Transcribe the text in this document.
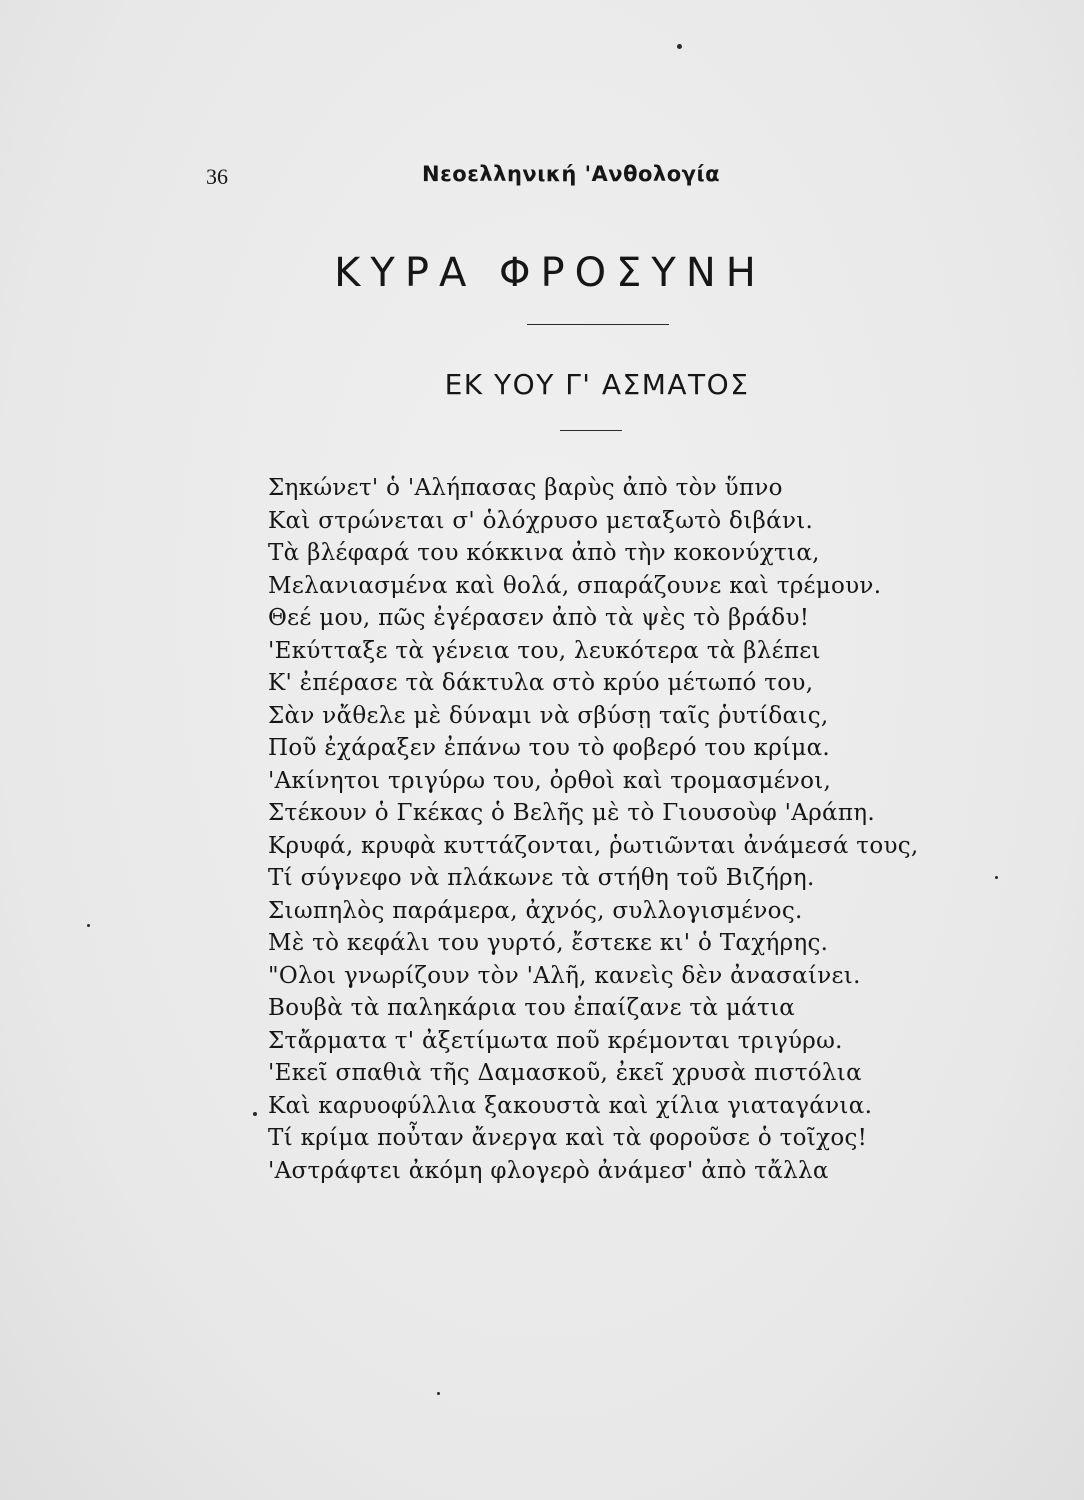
36	Νεοελληνική 'Ανθολογία
ΚΥΡΑ ΦΡΟΣΥΝΗ
ΕΚ ΥΟΥ Γ' ΑΣΜΑΤΟΣ
Σηκώνετ' ὁ 'Αλήπασας βαρὺς ἀπὸ τὸν ὕπνο
Καὶ στρώνεται σ' ὁλόχρυσο μεταξωτὸ διβάνι.
Τὰ βλέφαρά του κόκκινα ἀπὸ τὴν κοκονύχτια,
Μελανιασμένα καὶ θολά, σπαράζουνε καὶ τρέμουν.
Θεέ μου, πῶς ἐγέρασεν ἀπὸ τὰ ψὲς τὸ βράδυ!
'Εκύτταξε τὰ γένεια του, λευκότερα τὰ βλέπει
Κ' ἐπέρασε τὰ δάκτυλα στὸ κρύο μέτωπό του,
Σὰν νἄθελε μὲ δύναμι νὰ σβύσῃ ταῖς ῥυτίδαις,
Ποῦ ἐχάραξεν ἐπάνω του τὸ φοβερό του κρίμα.
'Ακίνητοι τριγύρω του, ὀρθοὶ καὶ τρομασμένοι,
Στέκουν ὁ Γκέκας ὁ Βελῆς μὲ τὸ Γιουσοὺφ 'Αράπη.
Κρυφά, κρυφὰ κυττάζονται, ῥωτιῶνται ἀνάμεσά τους,
Τί σύγνεφο νὰ πλάκωνε τὰ στήθη τοῦ Βιζήρη.
Σιωπηλὸς παράμερα, ἀχνός, συλλογισμένος.
Μὲ τὸ κεφάλι του γυρτό, ἔστεκε κι' ὁ Ταχήρης.
"Ολοι γνωρίζουν τὸν 'Αλῆ, κανεὶς δὲν ἀνασαίνει.
Βουβὰ τὰ παληκάρια του ἐπαίζανε τὰ μάτια
Στἄρματα τ' ἀξετίμωτα ποῦ κρέμονται τριγύρω.
'Εκεῖ σπαθιὰ τῆς Δαμασκοῦ, ἐκεῖ χρυσὰ πιστόλια
Καὶ καρυοφύλλια ξακουστὰ καὶ χίλια γιαταγάνια.
Τί κρίμα ποὖταν ἄνεργα καὶ τὰ φοροῦσε ὁ τοῖχος!
'Αστράφτει ἀκόμη φλογερὸ ἀνάμεσ' ἀπὸ τἄλλα
